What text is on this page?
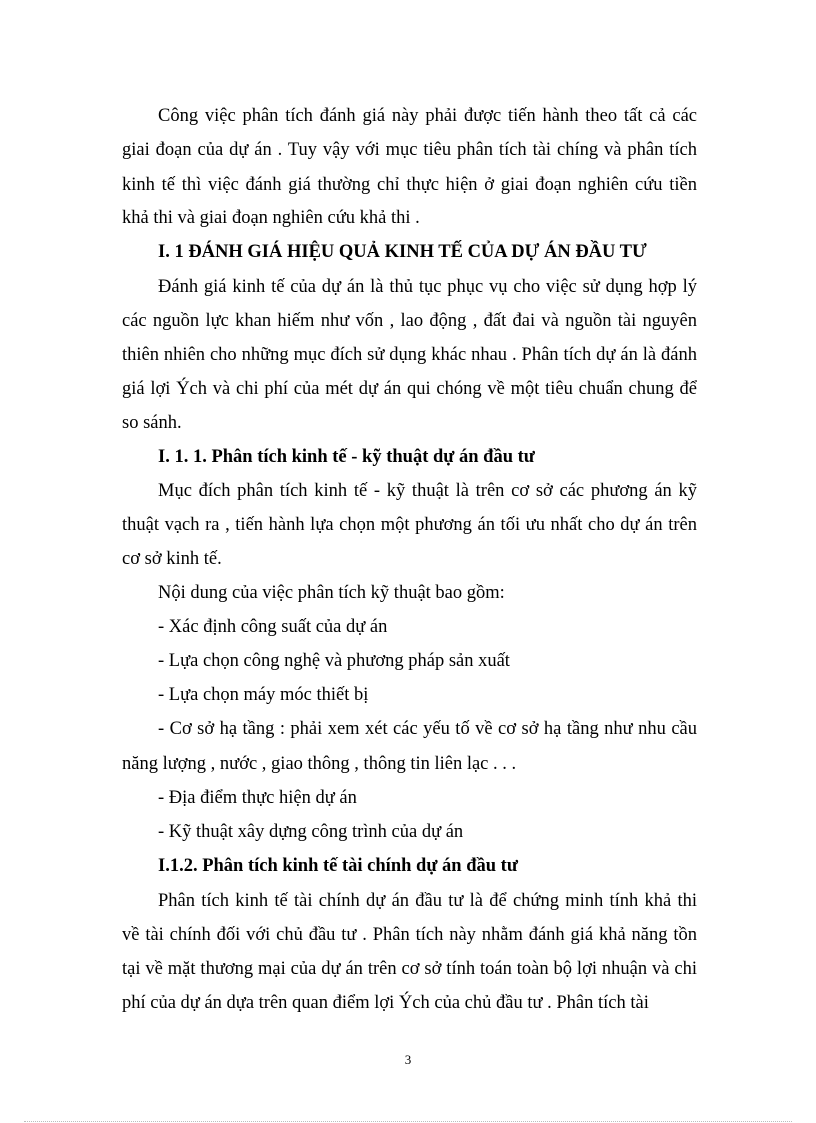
Công việc phân tích đánh giá này phải được tiến hành theo tất cả các
giai đoạn của dự án . Tuy vậy với mục tiêu phân tích tài chíng và phân tích
kinh tế thì việc đánh giá thường chỉ thực hiện ở giai đoạn nghiên cứu tiền
khả thi và giai đoạn nghiên cứu khả thi .
I. 1 ĐÁNH GIÁ HIỆU QUẢ KINH TẾ CỦA DỰ ÁN ĐẦU TƯ
Đánh giá kinh tế của dự án là thủ tục phục vụ cho việc sử dụng hợp lý
các nguồn lực khan hiếm như vốn , lao động , đất đai và nguồn tài nguyên
thiên nhiên cho những mục đích sử dụng khác nhau . Phân tích dự án là đánh
giá lợi Ých và chi phí của mét dự án qui chóng về một tiêu chuẩn chung để
so sánh.
I. 1. 1. Phân tích kinh tế - kỹ thuật dự án đầu tư
Mục đích phân tích kinh tế - kỹ thuật là trên cơ sở các phương án kỹ
thuật vạch ra , tiến hành lựa chọn một phương án tối ưu nhất cho dự án trên
cơ sở kinh tế.
Nội dung của việc phân tích kỹ thuật bao gồm:
- Xác định công suất của dự án
- Lựa chọn công nghệ và phương pháp sản xuất
- Lựa chọn máy móc thiết bị
- Cơ sở hạ tầng : phải xem xét các yếu tố về cơ sở hạ tầng như nhu cầu
năng lượng , nước , giao thông , thông tin liên lạc . . .
- Địa điểm thực hiện dự án
- Kỹ thuật xây dựng công trình của dự án
I.1.2. Phân tích kinh tế tài chính dự án đầu tư
Phân tích kinh tế tài chính dự án đầu tư là để chứng minh tính khả thi
về tài chính đối với chủ đầu tư . Phân tích này nhằm đánh giá khả năng tồn
tại về mặt thương mại của dự án trên cơ sở tính toán toàn bộ lợi nhuận và chi
phí của dự án dựa trên quan điểm lợi Ých của chủ đầu tư . Phân tích tài
3
